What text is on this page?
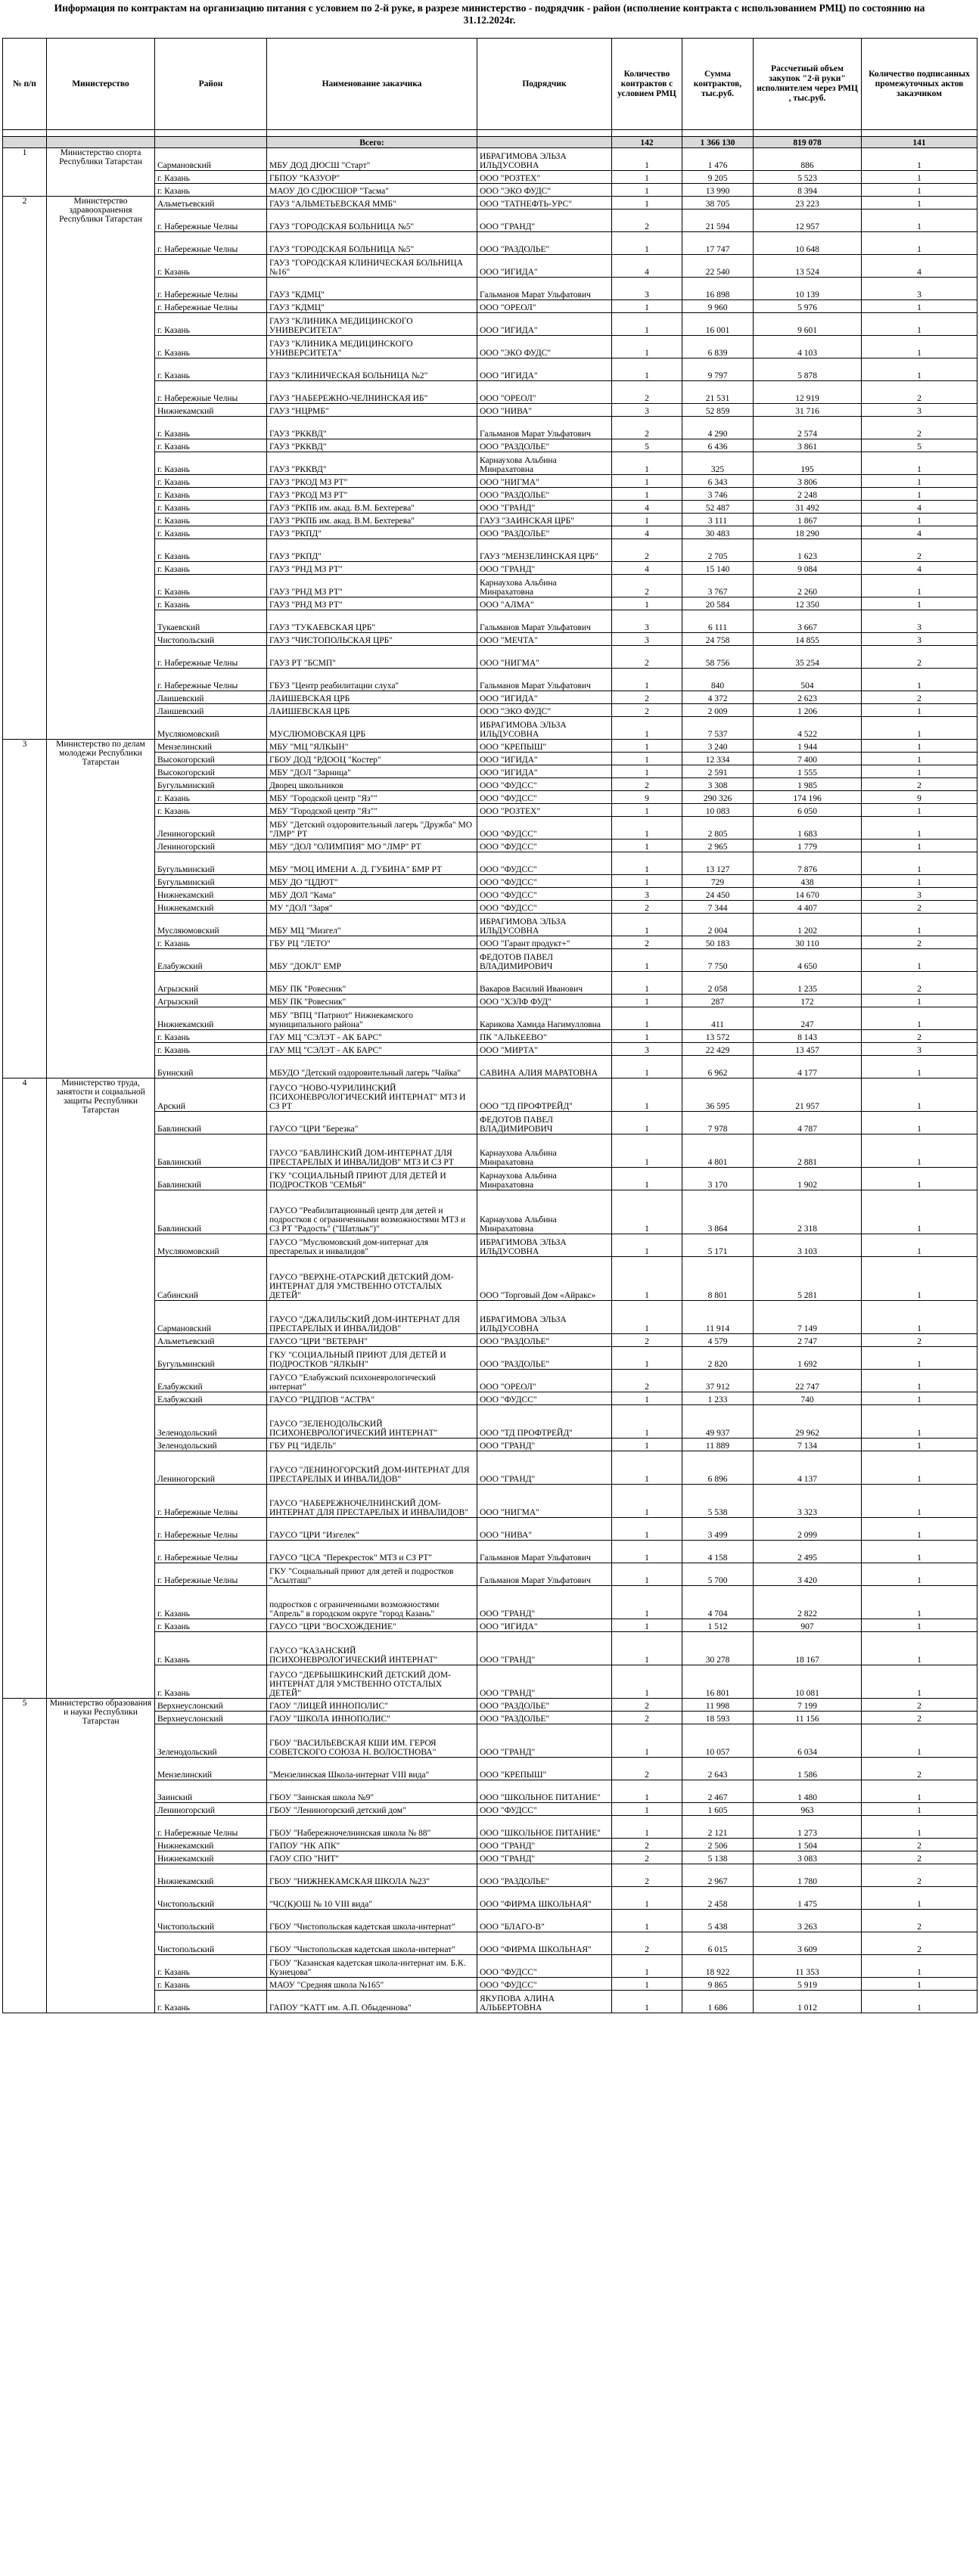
Информация по контрактам на организацию питания с условием по 2-й руке, в разрезе министерство - подрядчик - район (исполнение контракта с использованием РМЦ) по состоянию на 31.12.2024г.
№ п/п	Министерство	Район	Наименование заказчика	Подрядчик	Количество контрактов с условием РМЦ	Сумма контрактов, тыс.руб.	Рассчетный объем закупок "2-й руки" исполнителем через РМЦ , тыс.руб.	Количество подписанных промежуточных актов заказчиком

			Всего:		142	1 366 130	819 078	141
1	Министерство спорта Республики Татарстан	Сармановский	МБУ ДОД ДЮСШ "Старт"	ИБРАГИМОВА ЭЛЬЗА ИЛЬДУСОВНА	1	1 476	886	1
		г. Казань	ГБПОУ "КАЗУОР"	ООО "РОЗТЕХ"	1	9 205	5 523	1
		г. Казань	МАОУ ДО СДЮСШОР "Тасма"	ООО "ЭКО ФУДС"	1	13 990	8 394	1
2	Министерство здравоохранения Республики Татарстан	Альметьевский	ГАУЗ "АЛЬМЕТЬЕВСКАЯ ММБ"	ООО "ТАТНЕФТЬ-УРС"	1	38 705	23 223	1
		г. Набережные Челны	ГАУЗ "ГОРОДСКАЯ БОЛЬНИЦА №5"	ООО "ГРАНД"	2	21 594	12 957	1
		г. Набережные Челны	ГАУЗ "ГОРОДСКАЯ БОЛЬНИЦА №5"	ООО "РАЗДОЛЬЕ"	1	17 747	10 648	1
		г. Казань	ГАУЗ "ГОРОДСКАЯ КЛИНИЧЕСКАЯ БОЛЬНИЦА №16"	ООО "ИГИДА"	4	22 540	13 524	4
		г. Набережные Челны	ГАУЗ "КДМЦ"	Гальманов Марат Ульфатович	3	16 898	10 139	3
		г. Набережные Челны	ГАУЗ "КДМЦ"	ООО "ОРЕОЛ"	1	9 960	5 976	1
		г. Казань	ГАУЗ "КЛИНИКА МЕДИЦИНСКОГО УНИВЕРСИТЕТА"	ООО "ИГИДА"	1	16 001	9 601	1
		г. Казань	ГАУЗ "КЛИНИКА МЕДИЦИНСКОГО УНИВЕРСИТЕТА"	ООО "ЭКО ФУДС"	1	6 839	4 103	1
		г. Казань	ГАУЗ "КЛИНИЧЕСКАЯ БОЛЬНИЦА №2"	ООО "ИГИДА"	1	9 797	5 878	1
		г. Набережные Челны	ГАУЗ "НАБЕРЕЖНО-ЧЕЛНИНСКАЯ ИБ"	ООО "ОРЕОЛ"	2	21 531	12 919	2
		Нижнекамский	ГАУЗ "НЦРМБ"	ООО "НИВА"	3	52 859	31 716	3
		г. Казань	ГАУЗ "РККВД"	Гальманов Марат Ульфатович	2	4 290	2 574	2
		г. Казань	ГАУЗ "РККВД"	ООО "РАЗДОЛЬЕ"	5	6 436	3 861	5
		г. Казань	ГАУЗ "РККВД"	Карнаухова Альбина Минрахатовна	1	325	195	1
		г. Казань	ГАУЗ "РКОД МЗ РТ"	ООО "НИГМА"	1	6 343	3 806	1
		г. Казань	ГАУЗ "РКОД МЗ РТ"	ООО "РАЗДОЛЬЕ"	1	3 746	2 248	1
		г. Казань	ГАУЗ "РКПБ им. акад. В.М. Бехтерева"	ООО "ГРАНД"	4	52 487	31 492	4
		г. Казань	ГАУЗ "РКПБ им. акад. В.М. Бехтерева"	ГАУЗ "ЗАИНСКАЯ ЦРБ"	1	3 111	1 867	1
		г. Казань	ГАУЗ "РКПД"	ООО "РАЗДОЛЬЕ"	4	30 483	18 290	4
		г. Казань	ГАУЗ "РКПД"	ГАУЗ "МЕНЗЕЛИНСКАЯ ЦРБ"	2	2 705	1 623	2
		г. Казань	ГАУЗ "РНД МЗ РТ"	ООО "ГРАНД"	4	15 140	9 084	4
		г. Казань	ГАУЗ "РНД МЗ РТ"	Карнаухова Альбина Минрахатовна	2	3 767	2 260	1
		г. Казань	ГАУЗ "РНД МЗ РТ"	ООО "АЛМА"	1	20 584	12 350	1
		Тукаевский	ГАУЗ "ТУКАЕВСКАЯ ЦРБ"	Гальманов Марат Ульфатович	3	6 111	3 667	3
		Чистопольский	ГАУЗ "ЧИСТОПОЛЬСКАЯ ЦРБ"	ООО "МЕЧТА"	3	24 758	14 855	3
		г. Набережные Челны	ГАУЗ РТ "БСМП"	ООО "НИГМА"	2	58 756	35 254	2
		г. Набережные Челны	ГБУЗ "Центр реабилитации слуха"	Гальманов Марат Ульфатович	1	840	504	1
		Лаишевский	ЛАИШЕВСКАЯ ЦРБ	ООО "ИГИДА"	2	4 372	2 623	2
		Лаишевский	ЛАИШЕВСКАЯ ЦРБ	ООО "ЭКО ФУДС"	2	2 009	1 206	1
		Мусляюмовский	МУСЛЮМОВСКАЯ ЦРБ	ИБРАГИМОВА ЭЛЬЗА ИЛЬДУСОВНА	1	7 537	4 522	1
3	Министерство по делам молодежи Республики Татарстан	Мензелинский	МБУ "МЦ "ЯЛКЫН"	ООО "КРЕПЫШ"	1	3 240	1 944	1
		Высокогорский	ГБОУ ДОД "РДООЦ "Костер"	ООО "ИГИДА"	1	12 334	7 400	1
		Высокогорский	МБУ "ДОЛ "Зарница"	ООО "ИГИДА"	1	2 591	1 555	1
		Бугульминский	Дворец школьников	ООО "ФУДСС"	2	3 308	1 985	2
		г. Казань	МБУ "Городской центр "Яз""	ООО "ФУДСС"	9	290 326	174 196	9
		г. Казань	МБУ "Городской центр "Яз""	ООО "РОЗТЕХ"	1	10 083	6 050	1
		Лениногорский	МБУ "Детский оздоровительный лагерь "Дружба" МО "ЛМР" РТ	ООО "ФУДСС"	1	2 805	1 683	1
		Лениногорский	МБУ "ДОЛ "ОЛИМПИЯ" МО "ЛМР" РТ	ООО "ФУДСС"	1	2 965	1 779	1
		Бугульминский	МБУ "МОЦ ИМЕНИ А. Д. ГУБИНА" БМР РТ	ООО "ФУДСС"	1	13 127	7 876	1
		Бугульминский	МБУ ДО "ЦДЮТ"	ООО "ФУДСС"	1	729	438	1
		Нижнекамский	МБУ ДОЛ "Кама"	ООО "ФУДСС"	3	24 450	14 670	3
		Нижнекамский	МУ "ДОЛ "Заря"	ООО "ФУДСС"	2	7 344	4 407	2
		Мусляюмовский	МБУ МЦ "Мизгел"	ИБРАГИМОВА ЭЛЬЗА ИЛЬДУСОВНА	1	2 004	1 202	1
		г. Казань	ГБУ РЦ "ЛЕТО"	ООО "Гарант продукт+"	2	50 183	30 110	2
		Елабужский	МБУ "ДОКЛ" ЕМР	ФЕДОТОВ ПАВЕЛ ВЛАДИМИРОВИЧ	1	7 750	4 650	1
		Агрызский	МБУ ПК "Ровесник"	Вакаров Василий Иванович	1	2 058	1 235	2
		Агрызский	МБУ ПК "Ровесник"	ООО "ХЭЛФ ФУД"	1	287	172	1
		Нижнекамский	МБУ "ВПЦ "Патриот" Нижнекамского муниципального района"	Карикова Хамида Нагимулловна	1	411	247	1
		г. Казань	ГАУ МЦ "СЭЛЭТ - АК БАРС"	ПК "АЛЬКЕЕВО"	1	13 572	8 143	2
		г. Казань	ГАУ МЦ "СЭЛЭТ - АК БАРС"	ООО "МИРТА"	3	22 429	13 457	3
		Буинский	МБУДО "Детский оздоровительный лагерь "Чайка"	САВИНА АЛИЯ МАРАТОВНА	1	6 962	4 177	1
4	Министерство труда, занятости и социальной защиты Республики Татарстан	Арский	ГАУСО "НОВО-ЧУРИЛИНСКИЙ ПСИХОНЕВРОЛОГИЧЕСКИЙ ИНТЕРНАТ" МТЗ И СЗ РТ	ООО "ТД ПРОФТРЕЙД"	1	36 595	21 957	1
		Бавлинский	ГАУСО "ЦРИ "Березка"	ФЕДОТОВ ПАВЕЛ ВЛАДИМИРОВИЧ	1	7 978	4 787	1
		Бавлинский	ГАУСО "БАВЛИНСКИЙ ДОМ-ИНТЕРНАТ ДЛЯ ПРЕСТАРЕЛЫХ И ИНВАЛИДОВ" МТЗ И СЗ РТ	Карнаухова Альбина Минрахатовна	1	4 801	2 881	1
		Бавлинский	ГКУ "СОЦИАЛЬНЫЙ ПРИЮТ ДЛЯ ДЕТЕЙ И ПОДРОСТКОВ "СЕМЬЯ"	Карнаухова Альбина Минрахатовна	1	3 170	1 902	1
		Бавлинский	ГАУСО "Реабилитационный центр для детей и подростков с ограниченными возможностями МТЗ и СЗ РТ "Радость" ("Шатлык")"	Карнаухова Альбина Минрахатовна	1	3 864	2 318	1
		Мусляюмовский	ГАУСО "Муслюмовский дом-интернат для престарелых и инвалидов"	ИБРАГИМОВА ЭЛЬЗА ИЛЬДУСОВНА	1	5 171	3 103	1
		Сабинский	ГАУСО "ВЕРХНЕ-ОТАРСКИЙ ДЕТСКИЙ ДОМ-ИНТЕРНАТ ДЛЯ УМСТВЕННО ОТСТАЛЫХ ДЕТЕЙ"	ООО "Торговый Дом «Айракс»	1	8 801	5 281	1
		Сармановский	ГАУСО "ДЖАЛИЛЬСКИЙ ДОМ-ИНТЕРНАТ ДЛЯ ПРЕСТАРЕЛЫХ И ИНВАЛИДОВ"	ИБРАГИМОВА ЭЛЬЗА ИЛЬДУСОВНА	1	11 914	7 149	1
		Альметьевский	ГАУСО "ЦРИ "ВЕТЕРАН"	ООО "РАЗДОЛЬЕ"	2	4 579	2 747	2
		Бугульминский	ГКУ "СОЦИАЛЬНЫЙ ПРИЮТ ДЛЯ ДЕТЕЙ И ПОДРОСТКОВ "ЯЛКЫН"	ООО "РАЗДОЛЬЕ"	1	2 820	1 692	1
		Елабужский	ГАУСО "Елабужский психоневрологический интернат"	ООО "ОРЕОЛ"	2	37 912	22 747	1
		Елабужский	ГАУСО "РЦДПОВ "АСТРА"	ООО "ФУДСС"	1	1 233	740	1
		Зеленодольский	ГАУСО "ЗЕЛЕНОДОЛЬСКИЙ ПСИХОНЕВРОЛОГИЧЕСКИЙ ИНТЕРНАТ"	ООО "ТД ПРОФТРЕЙД"	1	49 937	29 962	1
		Зеленодольский	ГБУ РЦ "ИДЕЛЬ"	ООО "ГРАНД"	1	11 889	7 134	1
		Лениногорский	ГАУСО "ЛЕНИНОГОРСКИЙ ДОМ-ИНТЕРНАТ ДЛЯ ПРЕСТАРЕЛЫХ И ИНВАЛИДОВ"	ООО "ГРАНД"	1	6 896	4 137	1
		г. Набережные Челны	ГАУСО "НАБЕРЕЖНОЧЕЛНИНСКИЙ ДОМ-ИНТЕРНАТ ДЛЯ ПРЕСТАРЕЛЫХ И ИНВАЛИДОВ"	ООО "НИГМА"	1	5 538	3 323	1
		г. Набережные Челны	ГАУСО "ЦРИ "Изгелек"	ООО "НИВА"	1	3 499	2 099	1
		г. Набережные Челны	ГАУСО "ЦСА "Перекресток" МТЗ и СЗ РТ"	Гальманов Марат Ульфатович	1	4 158	2 495	1
		г. Набережные Челны	ГКУ "Социальный приют для детей и подростков "Асылташ"	Гальманов Марат Ульфатович	1	5 700	3 420	1
		г. Казань	подростков с ограниченными возможностями "Апрель" в городском округе "город Казань"	ООО "ГРАНД"	1	4 704	2 822	1
		г. Казань	ГАУСО "ЦРИ "ВОСХОЖДЕНИЕ"	ООО "ИГИДА"	1	1 512	907	1
		г. Казань	ГАУСО "КАЗАНСКИЙ ПСИХОНЕВРОЛОГИЧЕСКИЙ ИНТЕРНАТ"	ООО "ГРАНД"	1	30 278	18 167	1
		г. Казань	ГАУСО "ДЕРБЫШКИНСКИЙ ДЕТСКИЙ ДОМ-ИНТЕРНАТ ДЛЯ УМСТВЕННО ОТСТАЛЫХ ДЕТЕЙ"	ООО "ГРАНД"	1	16 801	10 081	1
5	Министерство образования и науки Республики Татарстан	Верхнеуслонский	ГАОУ "ЛИЦЕЙ ИННОПОЛИС"	ООО "РАЗДОЛЬЕ"	2	11 998	7 199	2
		Верхнеуслонский	ГАОУ "ШКОЛА ИННОПОЛИС"	ООО "РАЗДОЛЬЕ"	2	18 593	11 156	2
		Зеленодольский	ГБОУ "ВАСИЛЬЕВСКАЯ КШИ ИМ. ГЕРОЯ СОВЕТСКОГО СОЮЗА Н. ВОЛОСТНОВА"	ООО "ГРАНД"	1	10 057	6 034	1
		Мензелинский	"Мензелинская Школа-интернат VIII вида"	ООО "КРЕПЫШ"	2	2 643	1 586	2
		Заинский	ГБОУ "Заинская школа №9"	ООО "ШКОЛЬНОЕ ПИТАНИЕ"	1	2 467	1 480	1
		Лениногорский	ГБОУ "Лениногорский детский дом"	ООО "ФУДСС"	1	1 605	963	1
		г. Набережные Челны	ГБОУ "Набережночелнинская школа № 88"	ООО "ШКОЛЬНОЕ ПИТАНИЕ"	1	2 121	1 273	1
		Нижнекамский	ГАПОУ "НК АПК"	ООО "ГРАНД"	2	2 506	1 504	2
		Нижнекамский	ГАОУ СПО "НИТ"	ООО "ГРАНД"	2	5 138	3 083	2
		Нижнекамский	ГБОУ "НИЖНЕКАМСКАЯ ШКОЛА №23"	ООО "РАЗДОЛЬЕ"	2	2 967	1 780	2
		Чистопольский	"ЧС(К)ОШ № 10 VIII вида"	ООО "ФИРМА ШКОЛЬНАЯ"	1	2 458	1 475	1
		Чистопольский	ГБОУ "Чистопольская кадетская школа-интернат"	ООО "БЛАГО-В"	1	5 438	3 263	2
		Чистопольский	ГБОУ "Чистопольская кадетская школа-интернат"	ООО "ФИРМА ШКОЛЬНАЯ"	2	6 015	3 609	2
		г. Казань	ГБОУ "Казанская кадетская школа-интернат им. Б.К. Кузнецова"	ООО "ФУДСС"	1	18 922	11 353	1
		г. Казань	МАОУ "Средняя школа №165"	ООО "ФУДСС"	1	9 865	5 919	1
		г. Казань	ГАПОУ "КАТТ им. А.П. Обыденнова"	ЯКУПОВА АЛИНА АЛЬБЕРТОВНА	1	1 686	1 012	1
